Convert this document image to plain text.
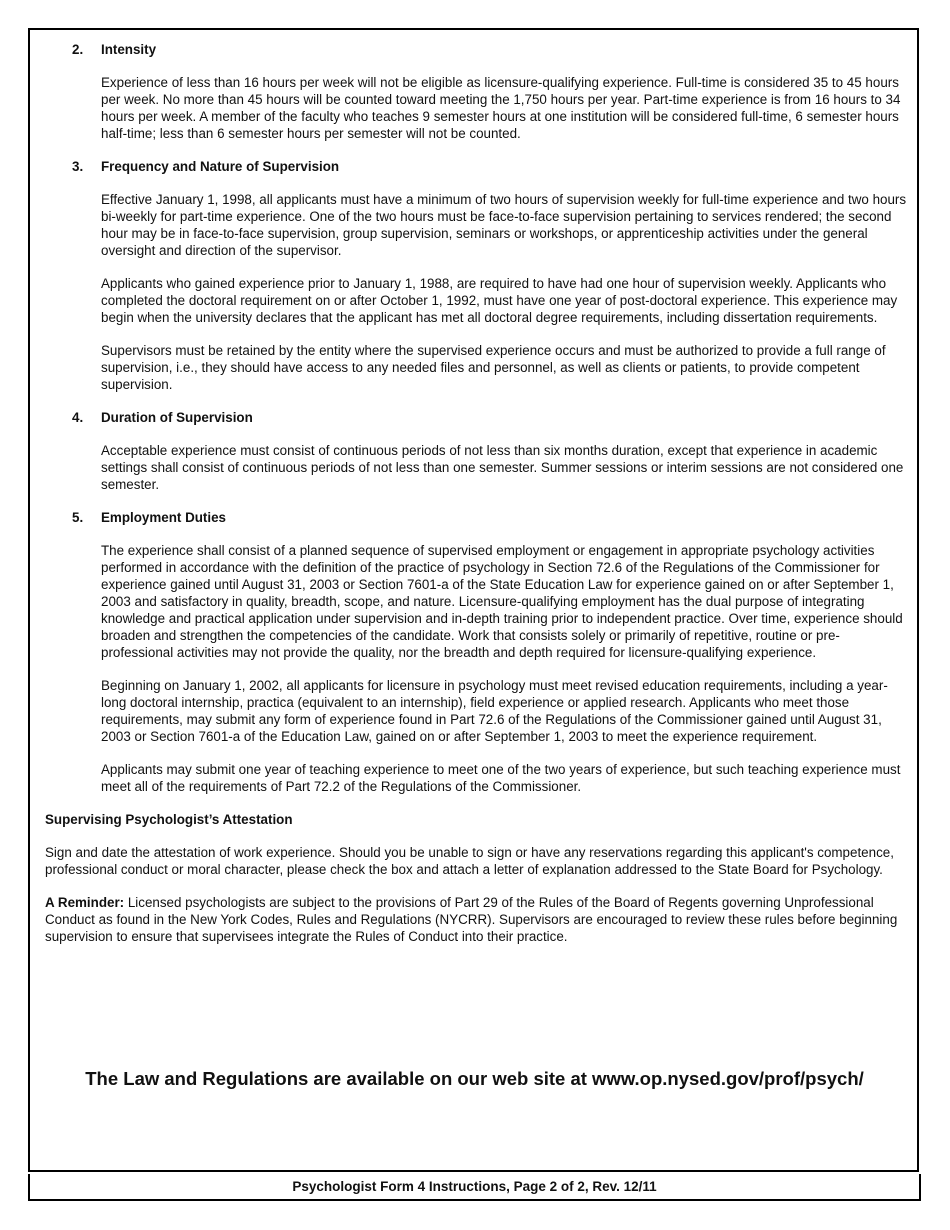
2. Intensity

Experience of less than 16 hours per week will not be eligible as licensure-qualifying experience. Full-time is considered 35 to 45 hours per week. No more than 45 hours will be counted toward meeting the 1,750 hours per year. Part-time experience is from 16 hours to 34 hours per week. A member of the faculty who teaches 9 semester hours at one institution will be considered full-time, 6 semester hours half-time; less than 6 semester hours per semester will not be counted.

3. Frequency and Nature of Supervision

Effective January 1, 1998, all applicants must have a minimum of two hours of supervision weekly for full-time experience and two hours bi-weekly for part-time experience. One of the two hours must be face-to-face supervision pertaining to services rendered; the second hour may be in face-to-face supervision, group supervision, seminars or workshops, or apprenticeship activities under the general oversight and direction of the supervisor.

Applicants who gained experience prior to January 1, 1988, are required to have had one hour of supervision weekly. Applicants who completed the doctoral requirement on or after October 1, 1992, must have one year of post-doctoral experience. This experience may begin when the university declares that the applicant has met all doctoral degree requirements, including dissertation requirements.

Supervisors must be retained by the entity where the supervised experience occurs and must be authorized to provide a full range of supervision, i.e., they should have access to any needed files and personnel, as well as clients or patients, to provide competent supervision.

4. Duration of Supervision

Acceptable experience must consist of continuous periods of not less than six months duration, except that experience in academic settings shall consist of continuous periods of not less than one semester. Summer sessions or interim sessions are not considered one semester.

5. Employment Duties

The experience shall consist of a planned sequence of supervised employment or engagement in appropriate psychology activities performed in accordance with the definition of the practice of psychology in Section 72.6 of the Regulations of the Commissioner for experience gained until August 31, 2003 or Section 7601-a of the State Education Law for experience gained on or after September 1, 2003 and satisfactory in quality, breadth, scope, and nature. Licensure-qualifying employment has the dual purpose of integrating knowledge and practical application under supervision and in-depth training prior to independent practice. Over time, experience should broaden and strengthen the competencies of the candidate. Work that consists solely or primarily of repetitive, routine or pre-professional activities may not provide the quality, nor the breadth and depth required for licensure-qualifying experience.

Beginning on January 1, 2002, all applicants for licensure in psychology must meet revised education requirements, including a year-long doctoral internship, practica (equivalent to an internship), field experience or applied research. Applicants who meet those requirements, may submit any form of experience found in Part 72.6 of the Regulations of the Commissioner gained until August 31, 2003 or Section 7601-a of the Education Law, gained on or after September 1, 2003 to meet the experience requirement.

Applicants may submit one year of teaching experience to meet one of the two years of experience, but such teaching experience must meet all of the requirements of Part 72.2 of the Regulations of the Commissioner.

Supervising Psychologist’s Attestation

Sign and date the attestation of work experience. Should you be unable to sign or have any reservations regarding this applicant's competence, professional conduct or moral character, please check the box and attach a letter of explanation addressed to the State Board for Psychology.

A Reminder: Licensed psychologists are subject to the provisions of Part 29 of the Rules of the Board of Regents governing Unprofessional Conduct as found in the New York Codes, Rules and Regulations (NYCRR). Supervisors are encouraged to review these rules before beginning supervision to ensure that supervisees integrate the Rules of Conduct into their practice.

The Law and Regulations are available on our web site at www.op.nysed.gov/prof/psych/
Psychologist Form 4 Instructions, Page 2 of 2, Rev. 12/11
